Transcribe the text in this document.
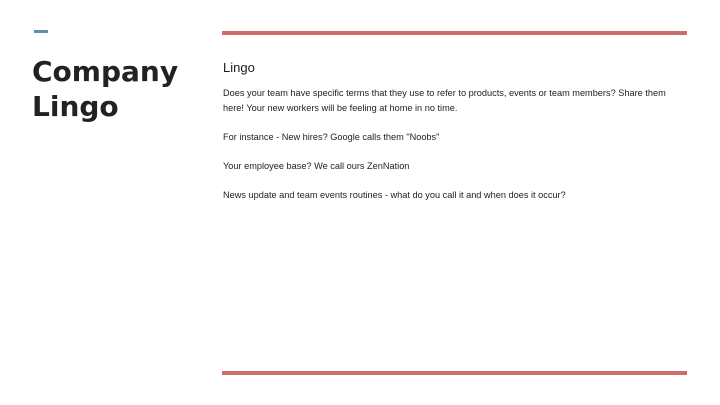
Company
Lingo
Lingo

Does your team have specific terms that they use to refer to products, events or team members? Share them here! Your new workers will be feeling at home in no time.

For instance - New hires? Google calls them "Noobs"

Your employee base? We call ours ZenNation

News update and team events routines - what do you call it and when does it occur?
